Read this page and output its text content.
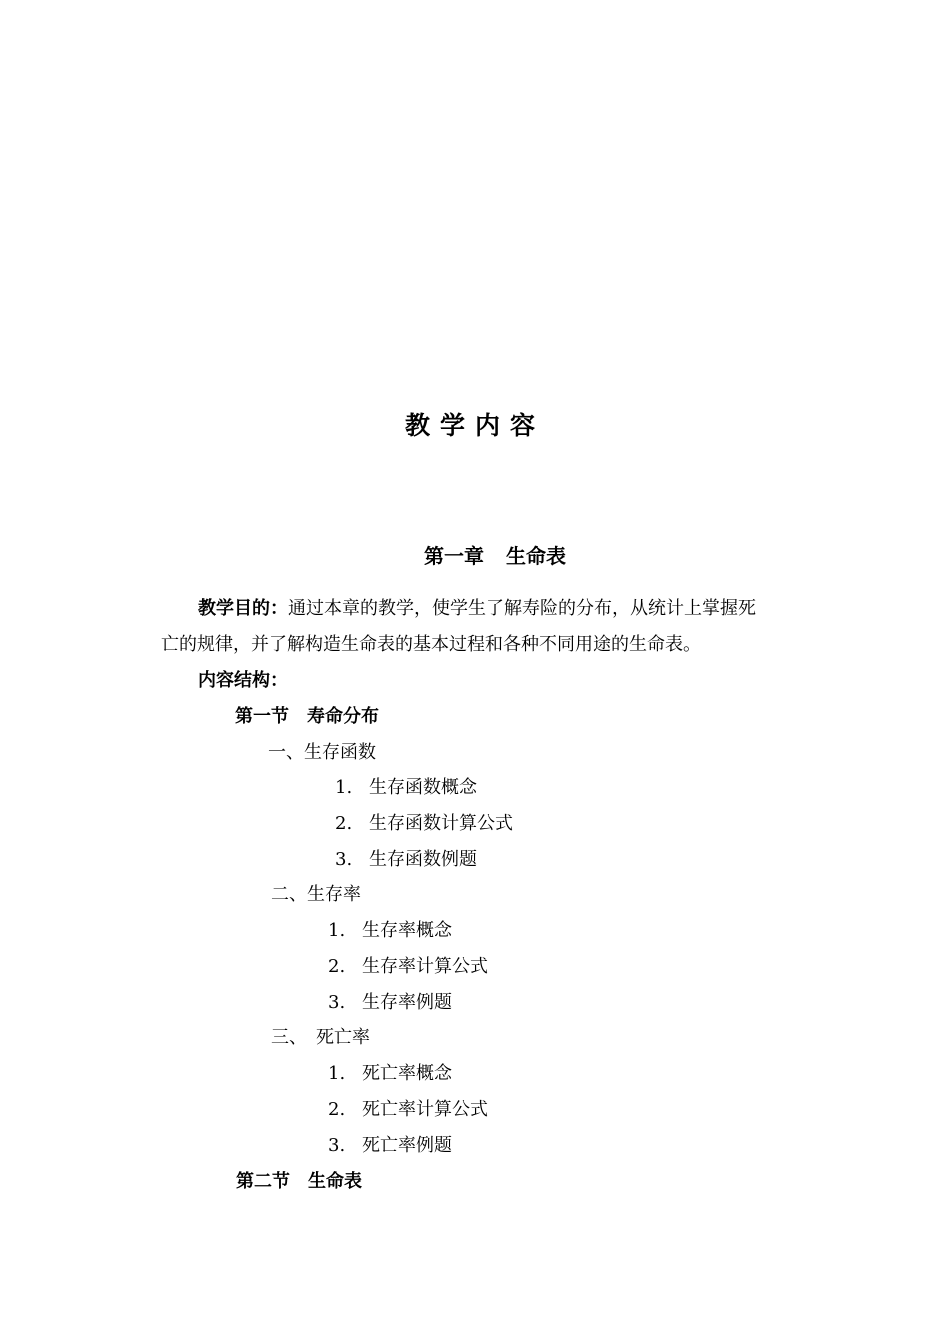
教学内容
第一章 生命表
教学目的：通过本章的教学，使学生了解寿险的分布，从统计上掌握死
亡的规律，并了解构造生命表的基本过程和各种不同用途的生命表。
内容结构：
第一节　寿命分布
一、生存函数
1. 生存函数概念
2. 生存函数计算公式
3. 生存函数例题
二、生存率
1. 生存率概念
2. 生存率计算公式
3. 生存率例题
三、　死亡率
1. 死亡率概念
2. 死亡率计算公式
3. 死亡率例题
第二节　生命表
